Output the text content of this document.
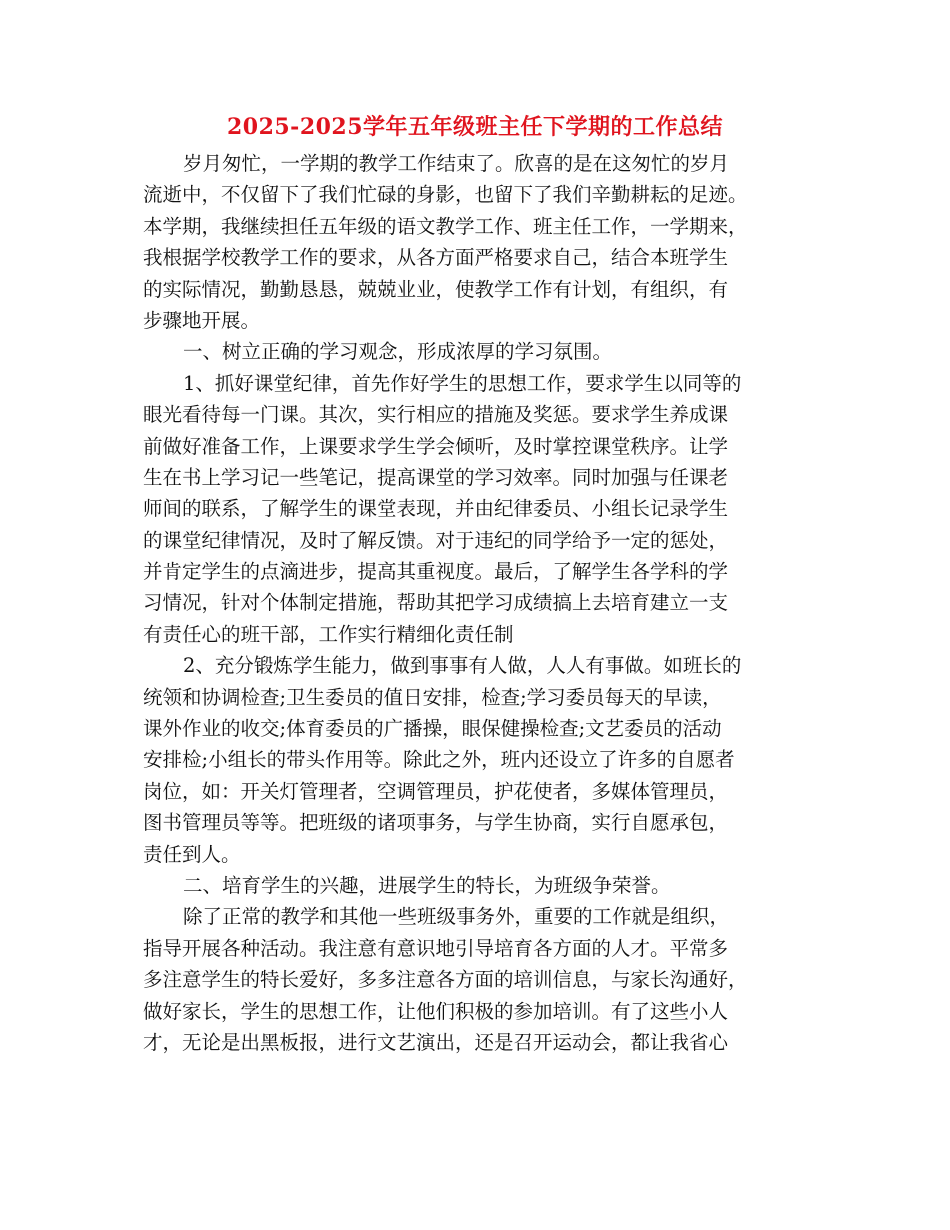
2025-2025学年五年级班主任下学期的工作总结
岁月匆忙，一学期的教学工作结束了。欣喜的是在这匆忙的岁月
流逝中，不仅留下了我们忙碌的身影，也留下了我们辛勤耕耘的足迹。
本学期，我继续担任五年级的语文教学工作、班主任工作，一学期来，
我根据学校教学工作的要求，从各方面严格要求自己，结合本班学生
的实际情况，勤勤恳恳，兢兢业业，使教学工作有计划，有组织，有
步骤地开展。
一、树立正确的学习观念，形成浓厚的学习氛围。
1、抓好课堂纪律，首先作好学生的思想工作，要求学生以同等的
眼光看待每一门课。其次，实行相应的措施及奖惩。要求学生养成课
前做好准备工作，上课要求学生学会倾听，及时掌控课堂秩序。让学
生在书上学习记一些笔记，提高课堂的学习效率。同时加强与任课老
师间的联系，了解学生的课堂表现，并由纪律委员、小组长记录学生
的课堂纪律情况，及时了解反馈。对于违纪的同学给予一定的惩处，
并肯定学生的点滴进步，提高其重视度。最后，了解学生各学科的学
习情况，针对个体制定措施，帮助其把学习成绩搞上去培育建立一支
有责任心的班干部，工作实行精细化责任制
2、充分锻炼学生能力，做到事事有人做，人人有事做。如班长的
统领和协调检查;卫生委员的值日安排，检查;学习委员每天的早读，
课外作业的收交;体育委员的广播操，眼保健操检查;文艺委员的活动
安排检;小组长的带头作用等。除此之外，班内还设立了许多的自愿者
岗位，如：开关灯管理者，空调管理员，护花使者，多媒体管理员，
图书管理员等等。把班级的诸项事务，与学生协商，实行自愿承包，
责任到人。
二、培育学生的兴趣，进展学生的特长，为班级争荣誉。
除了正常的教学和其他一些班级事务外，重要的工作就是组织，
指导开展各种活动。我注意有意识地引导培育各方面的人才。平常多
多注意学生的特长爱好，多多注意各方面的培训信息，与家长沟通好，
做好家长，学生的思想工作，让他们积极的参加培训。有了这些小人
才，无论是出黑板报，进行文艺演出，还是召开运动会，都让我省心
